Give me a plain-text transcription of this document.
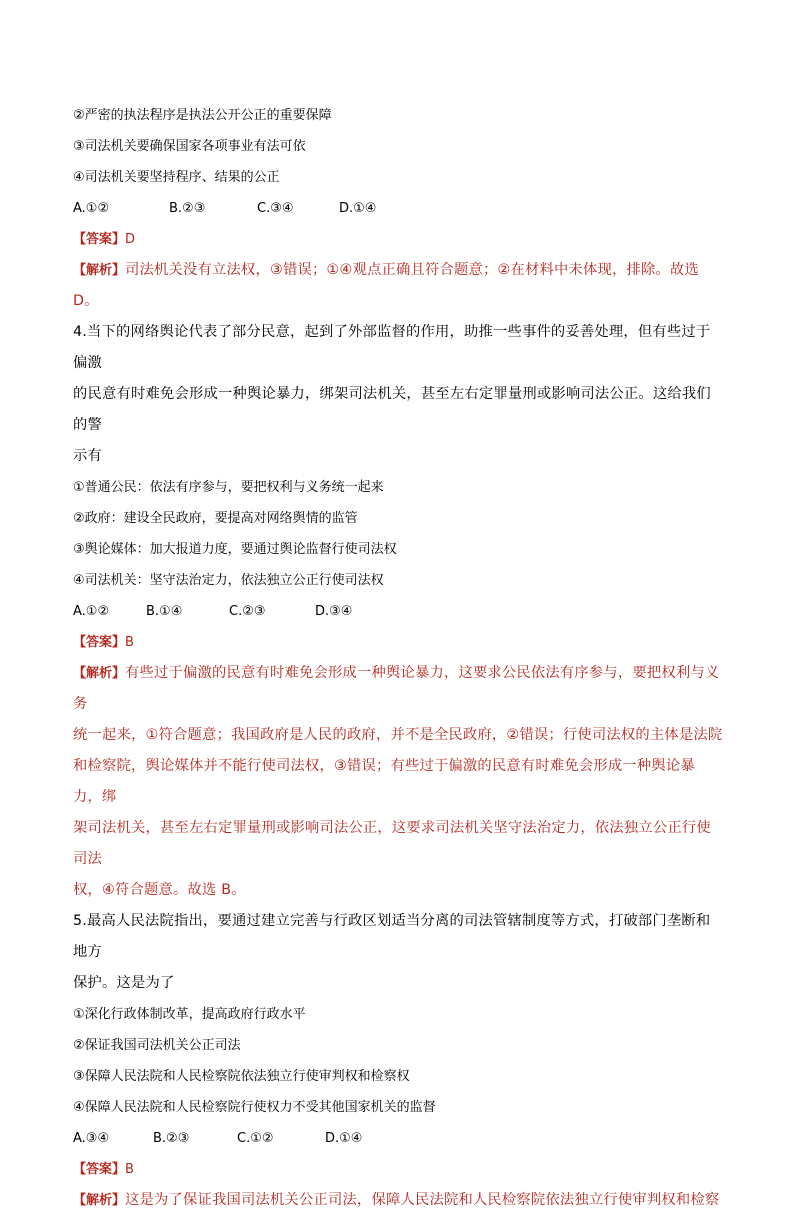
②严密的执法程序是执法公开公正的重要保障
③司法机关要确保国家各项事业有法可依
④司法机关要坚持程序、结果的公正
A.①②	B.②③	C.③④	D.①④
【答案】D
【解析】司法机关没有立法权，③错误；①④观点正确且符合题意；②在材料中未体现，排除。故选
D。
4.当下的网络舆论代表了部分民意，起到了外部监督的作用，助推一些事件的妥善处理，但有些过于偏激
的民意有时难免会形成一种舆论暴力，绑架司法机关，甚至左右定罪量刑或影响司法公正。这给我们的警
示有
①普通公民：依法有序参与，要把权利与义务统一起来
②政府：建设全民政府，要提高对网络舆情的监管
③舆论媒体：加大报道力度，要通过舆论监督行使司法权
④司法机关：坚守法治定力，依法独立公正行使司法权
A.①②	B.①④	C.②③	D.③④
【答案】B
【解析】有些过于偏激的民意有时难免会形成一种舆论暴力，这要求公民依法有序参与，要把权利与义务
统一起来，①符合题意；我国政府是人民的政府，并不是全民政府，②错误；行使司法权的主体是法院
和检察院，舆论媒体并不能行使司法权，③错误；有些过于偏激的民意有时难免会形成一种舆论暴力，绑
架司法机关，甚至左右定罪量刑或影响司法公正，这要求司法机关坚守法治定力，依法独立公正行使司法
权，④符合题意。故选 B。
5.最高人民法院指出，要通过建立完善与行政区划适当分离的司法管辖制度等方式，打破部门垄断和地方
保护。这是为了
①深化行政体制改革，提高政府行政水平
②保证我国司法机关公正司法
③保障人民法院和人民检察院依法独立行使审判权和检察权
④保障人民法院和人民检察院行使权力不受其他国家机关的监督
A.③④	B.②③	C.①②	D.①④
【答案】B
【解析】这是为了保证我国司法机关公正司法，保障人民法院和人民检察院依法独立行使审判权和检察
